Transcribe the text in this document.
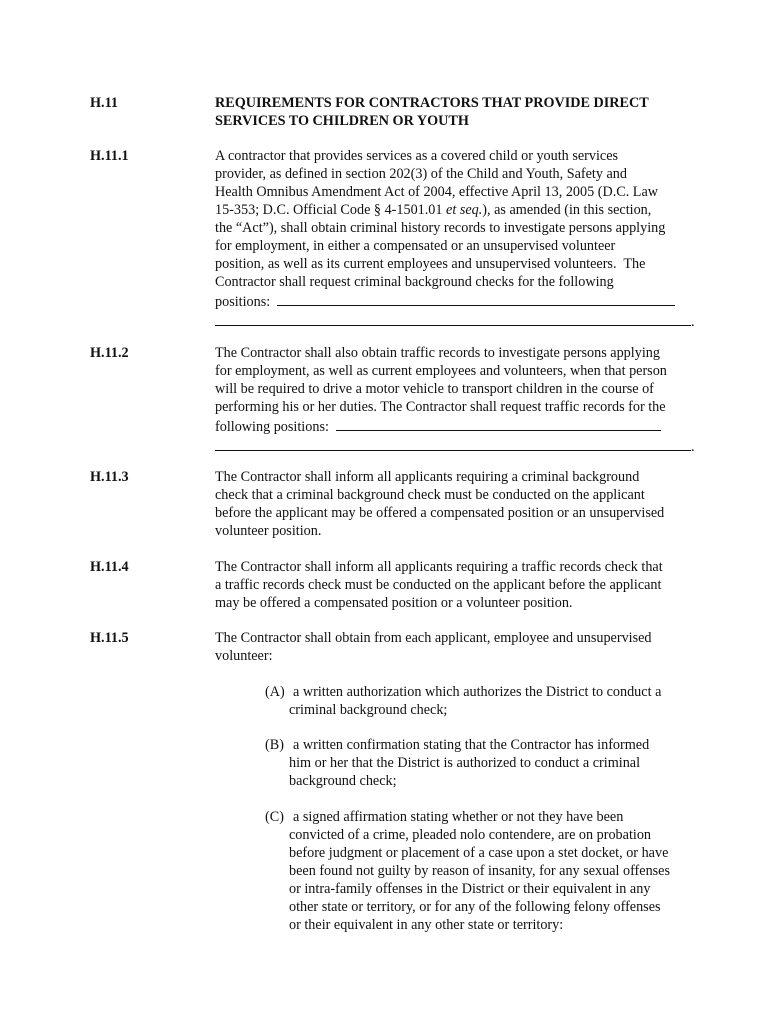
H.11	REQUIREMENTS FOR CONTRACTORS THAT PROVIDE DIRECT
SERVICES TO CHILDREN OR YOUTH
H.11.1	A contractor that provides services as a covered child or youth services
provider, as defined in section 202(3) of the Child and Youth, Safety and
Health Omnibus Amendment Act of 2004, effective April 13, 2005 (D.C. Law
15-353; D.C. Official Code § 4-1501.01 et seq.), as amended (in this section,
the “Act”), shall obtain criminal history records to investigate persons applying
for employment, in either a compensated or an unsupervised volunteer
position, as well as its current employees and unsupervised volunteers.  The
Contractor shall request criminal background checks for the following
positions:
.
H.11.2	The Contractor shall also obtain traffic records to investigate persons applying
for employment, as well as current employees and volunteers, when that person
will be required to drive a motor vehicle to transport children in the course of
performing his or her duties. The Contractor shall request traffic records for the
following positions:
.
H.11.3	The Contractor shall inform all applicants requiring a criminal background
check that a criminal background check must be conducted on the applicant
before the applicant may be offered a compensated position or an unsupervised
volunteer position.
H.11.4	The Contractor shall inform all applicants requiring a traffic records check that
a traffic records check must be conducted on the applicant before the applicant
may be offered a compensated position or a volunteer position.
H.11.5	The Contractor shall obtain from each applicant, employee and unsupervised
volunteer:
(A) a written authorization which authorizes the District to conduct a
criminal background check;
(B) a written confirmation stating that the Contractor has informed
him or her that the District is authorized to conduct a criminal
background check;
(C) a signed affirmation stating whether or not they have been
convicted of a crime, pleaded nolo contendere, are on probation
before judgment or placement of a case upon a stet docket, or have
been found not guilty by reason of insanity, for any sexual offenses
or intra-family offenses in the District or their equivalent in any
other state or territory, or for any of the following felony offenses
or their equivalent in any other state or territory:
